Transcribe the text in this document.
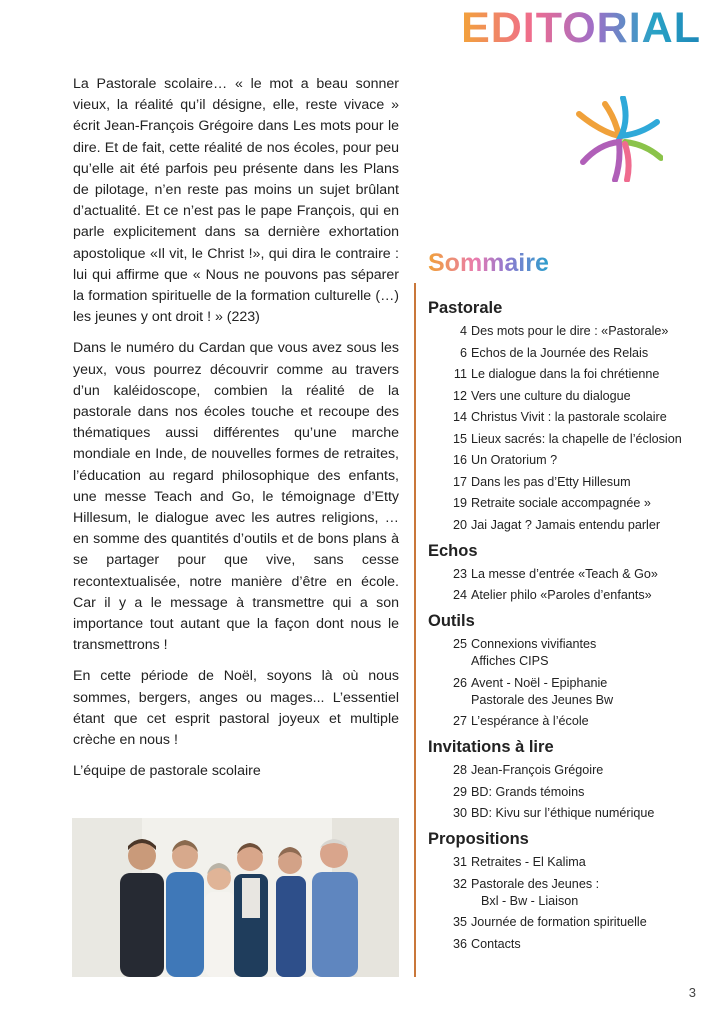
EDITORIAL

La Pastorale scolaire… « le mot a beau sonner vieux, la réalité qu’il désigne, elle, reste vivace » écrit Jean-François Grégoire dans Les mots pour le dire. Et de fait, cette réalité de nos écoles, pour peu qu’elle ait été parfois peu présente dans les Plans de pilotage, n’en reste pas moins un sujet brûlant d’actualité. Et ce n’est pas le pape François, qui en parle explicitement dans sa dernière exhortation apostolique «Il vit, le Christ !», qui dira le contraire : lui qui affirme que « Nous ne pouvons pas séparer la formation spirituelle de la formation culturelle (…) les jeunes y ont droit ! » (223)

Dans le numéro du Cardan que vous avez sous les yeux, vous pourrez découvrir comme au travers d’un kaléidoscope, combien la réalité de la pastorale dans nos écoles touche et recoupe des thématiques aussi différentes qu’une marche mondiale en Inde, de nouvelles formes de retraites, l’éducation au regard philosophique des enfants, une messe Teach and Go, le témoignage d’Etty Hillesum, le dialogue avec les autres religions, … en somme des quantités d’outils et de bons plans à se partager pour que vive, sans cesse recontextualisée, notre manière d’être en école. Car il y a le message à transmettre qui a son importance tout autant que la façon dont nous le transmettrons !

En cette période de Noël, soyons là où nous sommes, bergers, anges ou mages... L’essentiel étant que cet esprit pastoral joyeux et multiple crèche en nous !

L’équipe de pastorale scolaire
Sommaire
Pastorale
4 Des mots pour le dire : «Pastorale»
6 Echos de la Journée des Relais
11 Le dialogue dans la foi chrétienne
12 Vers une culture du dialogue
14 Christus Vivit : la pastorale scolaire
15 Lieux sacrés: la chapelle de l’éclosion
16 Un Oratorium ?
17 Dans les pas d’Etty Hillesum
19 Retraite sociale accompagnée »
20 Jai Jagat ? Jamais entendu parler
Echos
23 La messe d’entrée «Teach & Go»
24 Atelier philo «Paroles d’enfants»
Outils
25 Connexions vivifiantes
Affiches CIPS
26 Avent - Noël - Epiphanie
Pastorale des Jeunes Bw
27 L’espérance à l’école
Invitations à lire
28 Jean-François Grégoire
29 BD: Grands témoins
30 BD: Kivu sur l’éthique numérique
Propositions
31 Retraites - El Kalima
32 Pastorale des Jeunes :
Bxl - Bw - Liaison
35 Journée de formation spirituelle
36 Contacts
3
